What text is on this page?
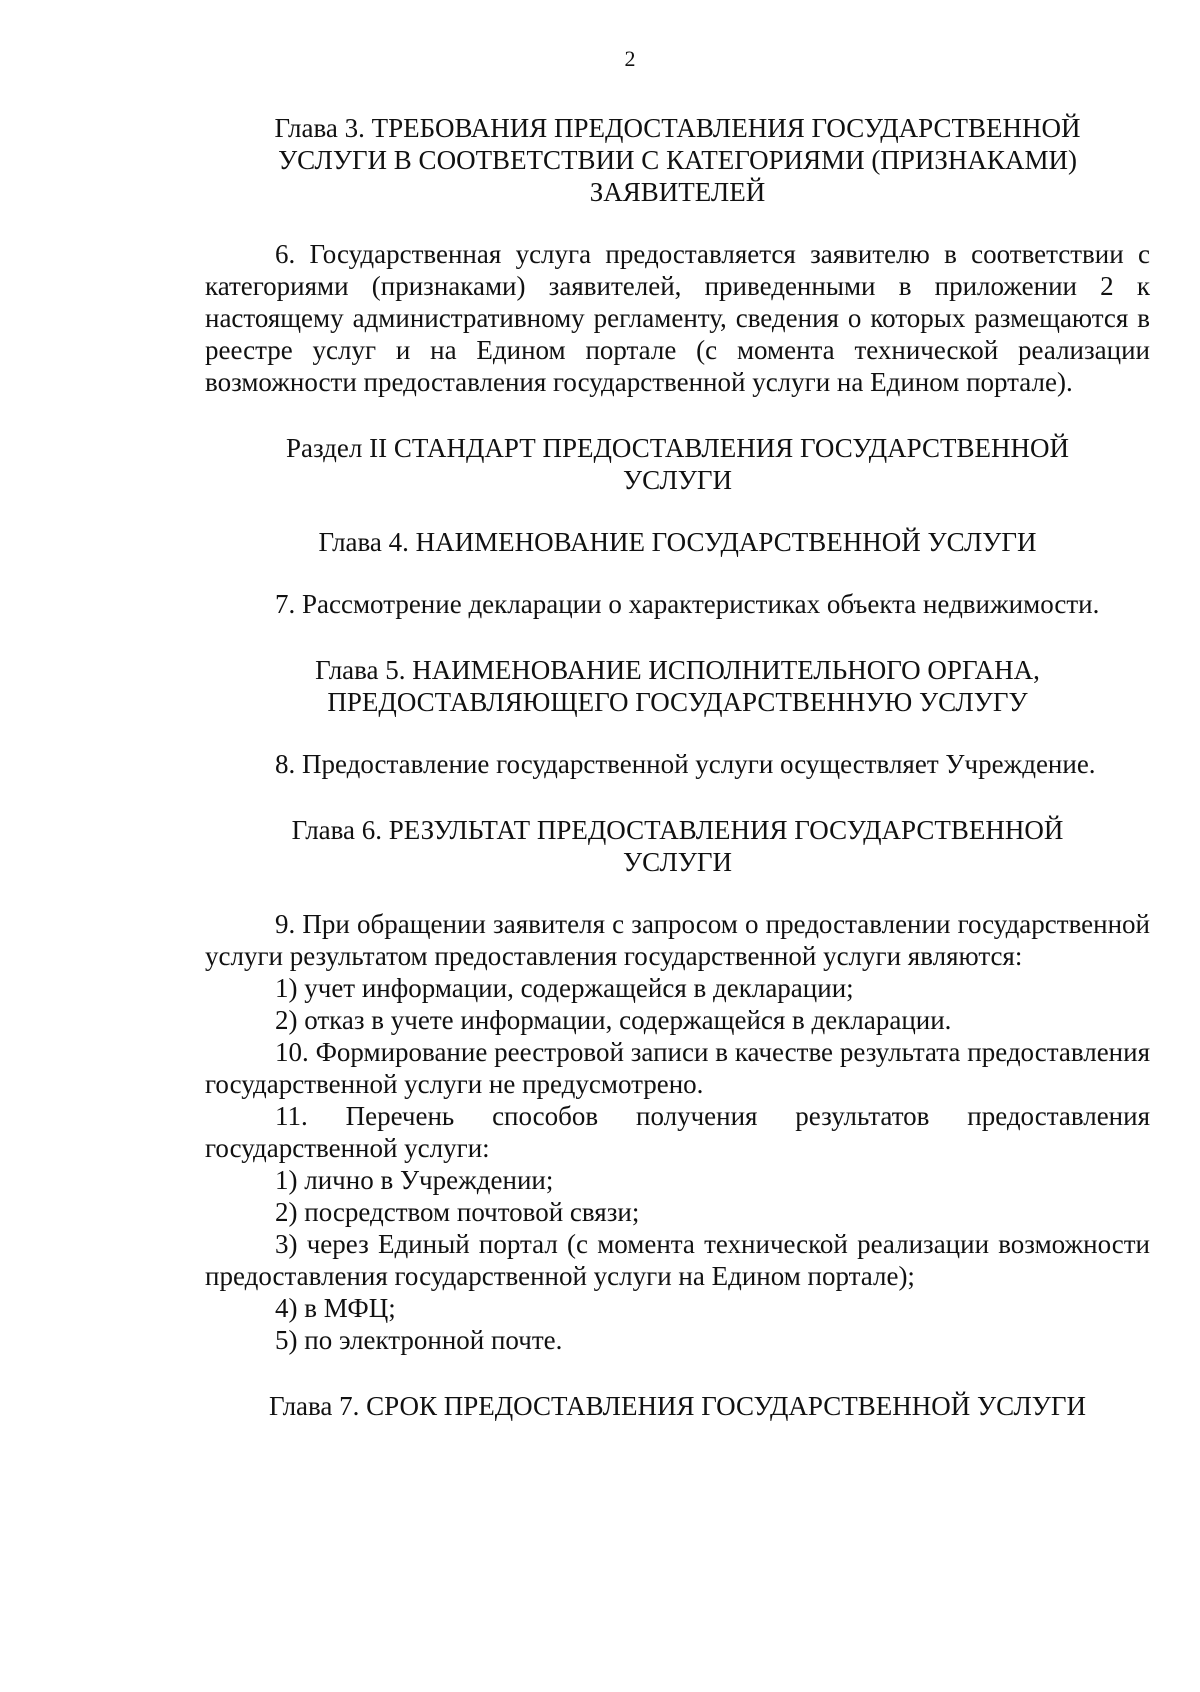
2
Глава 3. ТРЕБОВАНИЯ ПРЕДОСТАВЛЕНИЯ ГОСУДАРСТВЕННОЙ УСЛУГИ В СООТВЕТСТВИИ С КАТЕГОРИЯМИ (ПРИЗНАКАМИ) ЗАЯВИТЕЛЕЙ

6. Государственная услуга предоставляется заявителю в соответствии с категориями (признаками) заявителей, приведенными в приложении 2 к настоящему административному регламенту, сведения о которых размещаются в реестре услуг и на Едином портале (с момента технической реализации возможности предоставления государственной услуги на Едином портале).

Раздел II СТАНДАРТ ПРЕДОСТАВЛЕНИЯ ГОСУДАРСТВЕННОЙ УСЛУГИ
Глава 4. НАИМЕНОВАНИЕ ГОСУДАРСТВЕННОЙ УСЛУГИ

7. Рассмотрение декларации о характеристиках объекта недвижимости.

Глава 5. НАИМЕНОВАНИЕ ИСПОЛНИТЕЛЬНОГО ОРГАНА, ПРЕДОСТАВЛЯЮЩЕГО ГОСУДАРСТВЕННУЮ УСЛУГУ

8. Предоставление государственной услуги осуществляет Учреждение.

Глава 6. РЕЗУЛЬТАТ ПРЕДОСТАВЛЕНИЯ ГОСУДАРСТВЕННОЙ УСЛУГИ

9. При обращении заявителя с запросом о предоставлении государственной услуги результатом предоставления государственной услуги являются:

1) учет информации, содержащейся в декларации;

2) отказ в учете информации, содержащейся в декларации.

10. Формирование реестровой записи в качестве результата предоставления государственной услуги не предусмотрено.

11. Перечень способов получения результатов предоставления государственной услуги:

1) лично в Учреждении;

2) посредством почтовой связи;

3) через Единый портал (с момента технической реализации возможности предоставления государственной услуги на Едином портале);

4) в МФЦ;

5) по электронной почте.

Глава 7. СРОК ПРЕДОСТАВЛЕНИЯ ГОСУДАРСТВЕННОЙ УСЛУГИ
